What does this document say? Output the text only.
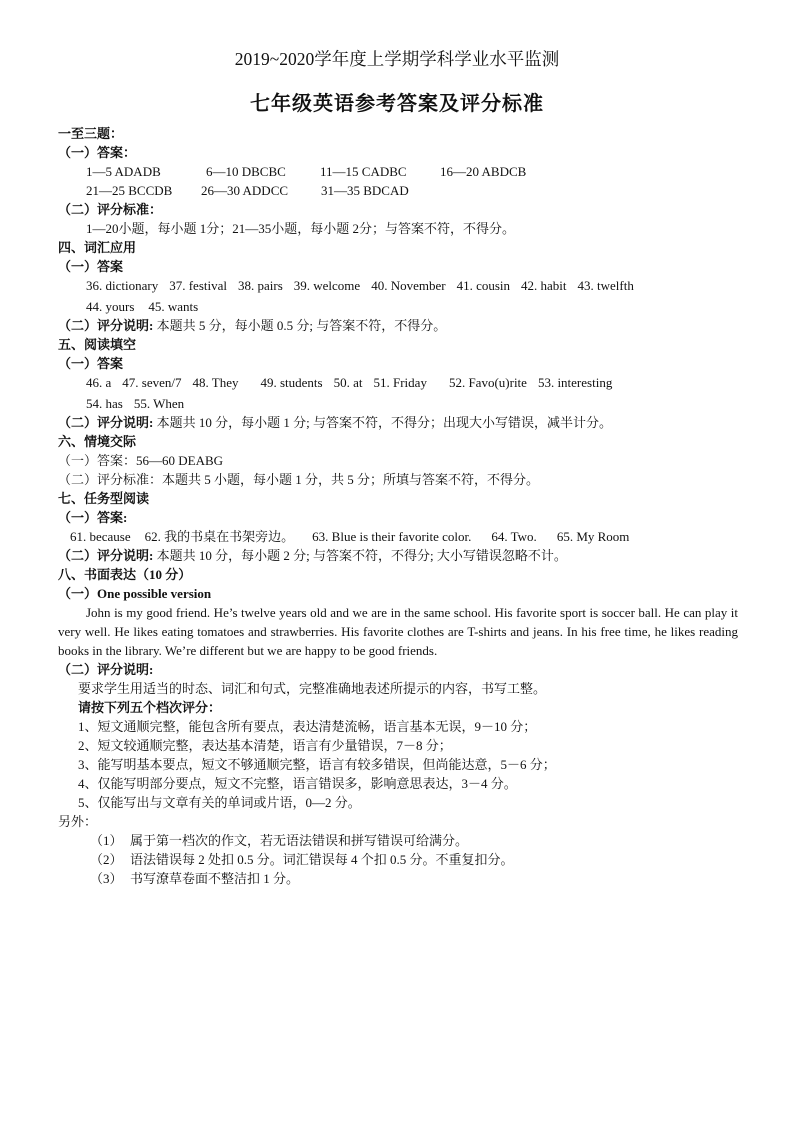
2019~2020学年度上学期学科学业水平监测
七年级英语参考答案及评分标准
一至三题：
（一）答案：
1—5 ADADB	6—10 DBCBC	11—15 CADBC	16—20 ABDCB
21—25 BCCDB	26—30 ADDCC	31—35 BDCAD
（二）评分标准：
1—20小题，每小题 1分；21—35小题，每小题 2分；与答案不符，不得分。
四、词汇应用
（一）答案
36. dictionary 37. festival 38. pairs 39. welcome 40. November 41. cousin 42. habit 43. twelfth
44. yours 45. wants
（二）评分说明: 本题共 5 分，每小题 0.5 分; 与答案不符，不得分。
五、阅读填空
（一）答案
46. a 47. seven/7 48. They 49. students 50. at 51. Friday 52. Favo(u)rite 53. interesting
54. has 55. When
（二）评分说明: 本题共 10 分，每小题 1 分; 与答案不符，不得分；出现大小写错误，减半计分。
六、情境交际
（一）答案：56—60 DEABG
（二）评分标准：本题共 5 小题，每小题 1 分，共 5 分；所填与答案不符，不得分。
七、任务型阅读
（一）答案:
61. because 62. 我的书桌在书架旁边。 63. Blue is their favorite color. 64. Two. 65. My Room
（二）评分说明: 本题共 10 分，每小题 2 分; 与答案不符，不得分; 大小写错误忽略不计。
八、书面表达（10 分）
（一）One possible version
John is my good friend. He’s twelve years old and we are in the same school. His favorite sport is soccer ball. He can play it very well. He likes eating tomatoes and strawberries. His favorite clothes are T-shirts and jeans. In his free time, he likes reading books in the library. We’re different but we are happy to be good friends.
（二）评分说明:
要求学生用适当的时态、词汇和句式，完整准确地表述所提示的内容，书写工整。
请按下列五个档次评分：
1、短文通顺完整，能包含所有要点，表达清楚流畅，语言基本无误，9－10 分；
2、短文较通顺完整，表达基本清楚，语言有少量错误，7－8 分；
3、能写明基本要点，短文不够通顺完整，语言有较多错误，但尚能达意，5－6 分；
4、仅能写明部分要点，短文不完整，语言错误多，影响意思表达，3－4 分。
5、仅能写出与文章有关的单词或片语，0—2 分。
另外：
（1） 属于第一档次的作文，若无语法错误和拼写错误可给满分。
（2） 语法错误每 2 处扣 0.5 分。词汇错误每 4 个扣 0.5 分。不重复扣分。
（3） 书写潦草卷面不整洁扣 1 分。
